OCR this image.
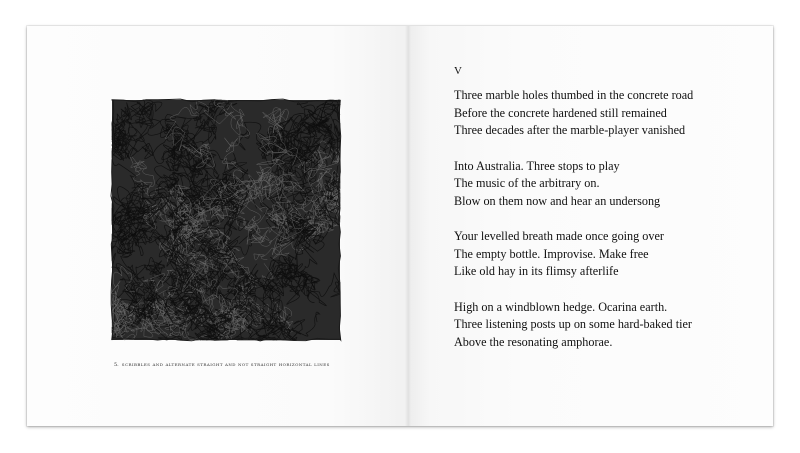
5. scribbles and alternate straight and not straight horizontal lines
V
Three marble holes thumbed in the concrete road
Before the concrete hardened still remained
Three decades after the marble-player vanished
Into Australia. Three stops to play
The music of the arbitrary on.
Blow on them now and hear an undersong
Your levelled breath made once going over
The empty bottle. Improvise. Make free
Like old hay in its flimsy afterlife
High on a windblown hedge. Ocarina earth.
Three listening posts up on some hard-baked tier
Above the resonating amphorae.
